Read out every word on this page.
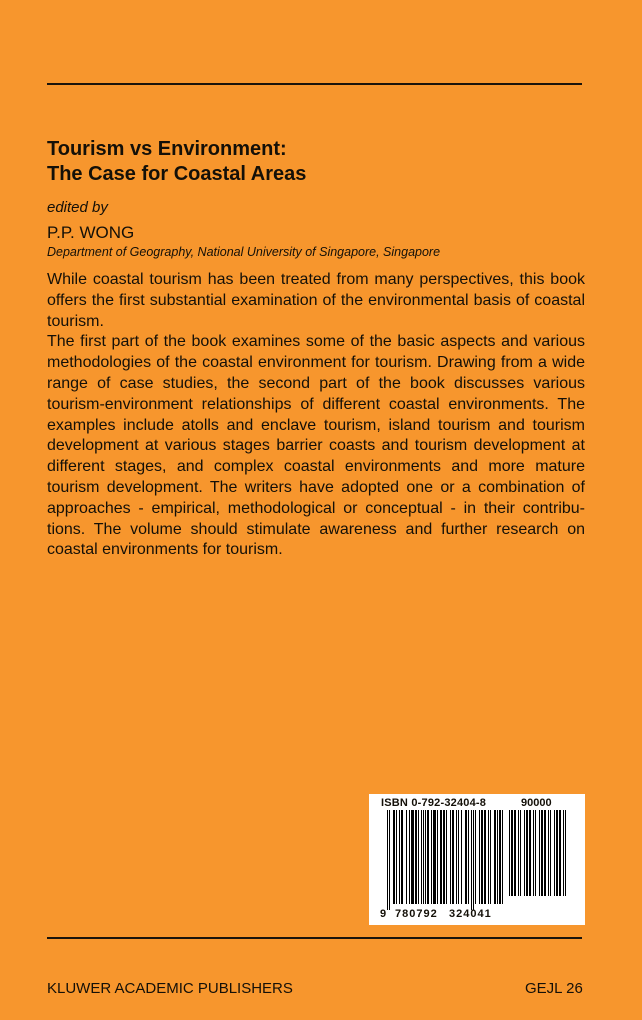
Tourism vs Environment:
The Case for Coastal Areas
edited by
P.P. WONG
Department of Geography, National University of Singapore, Singapore

While coastal tourism has been treated from many perspectives, this book offers the first substantial examination of the environmental basis of coastal tourism.

The first part of the book examines some of the basic aspects and various methodologies of the coastal environment for tourism. Drawing from a wide range of case studies, the second part of the book discusses various tourism-environment relationships of different coastal environments. The examples include atolls and enclave tourism, island tourism and tourism development at various stages barrier coasts and tourism development at different stages, and complex coastal environments and more mature tourism development. The writers have adopted one or a combination of approaches - empirical, methodological or conceptual - in their contribu-tions. The volume should stimulate awareness and further research on coastal environments for tourism.

ISBN 0-792-32404-8	90000
9 780792 324041
KLUWER ACADEMIC PUBLISHERS	GEJL 26
